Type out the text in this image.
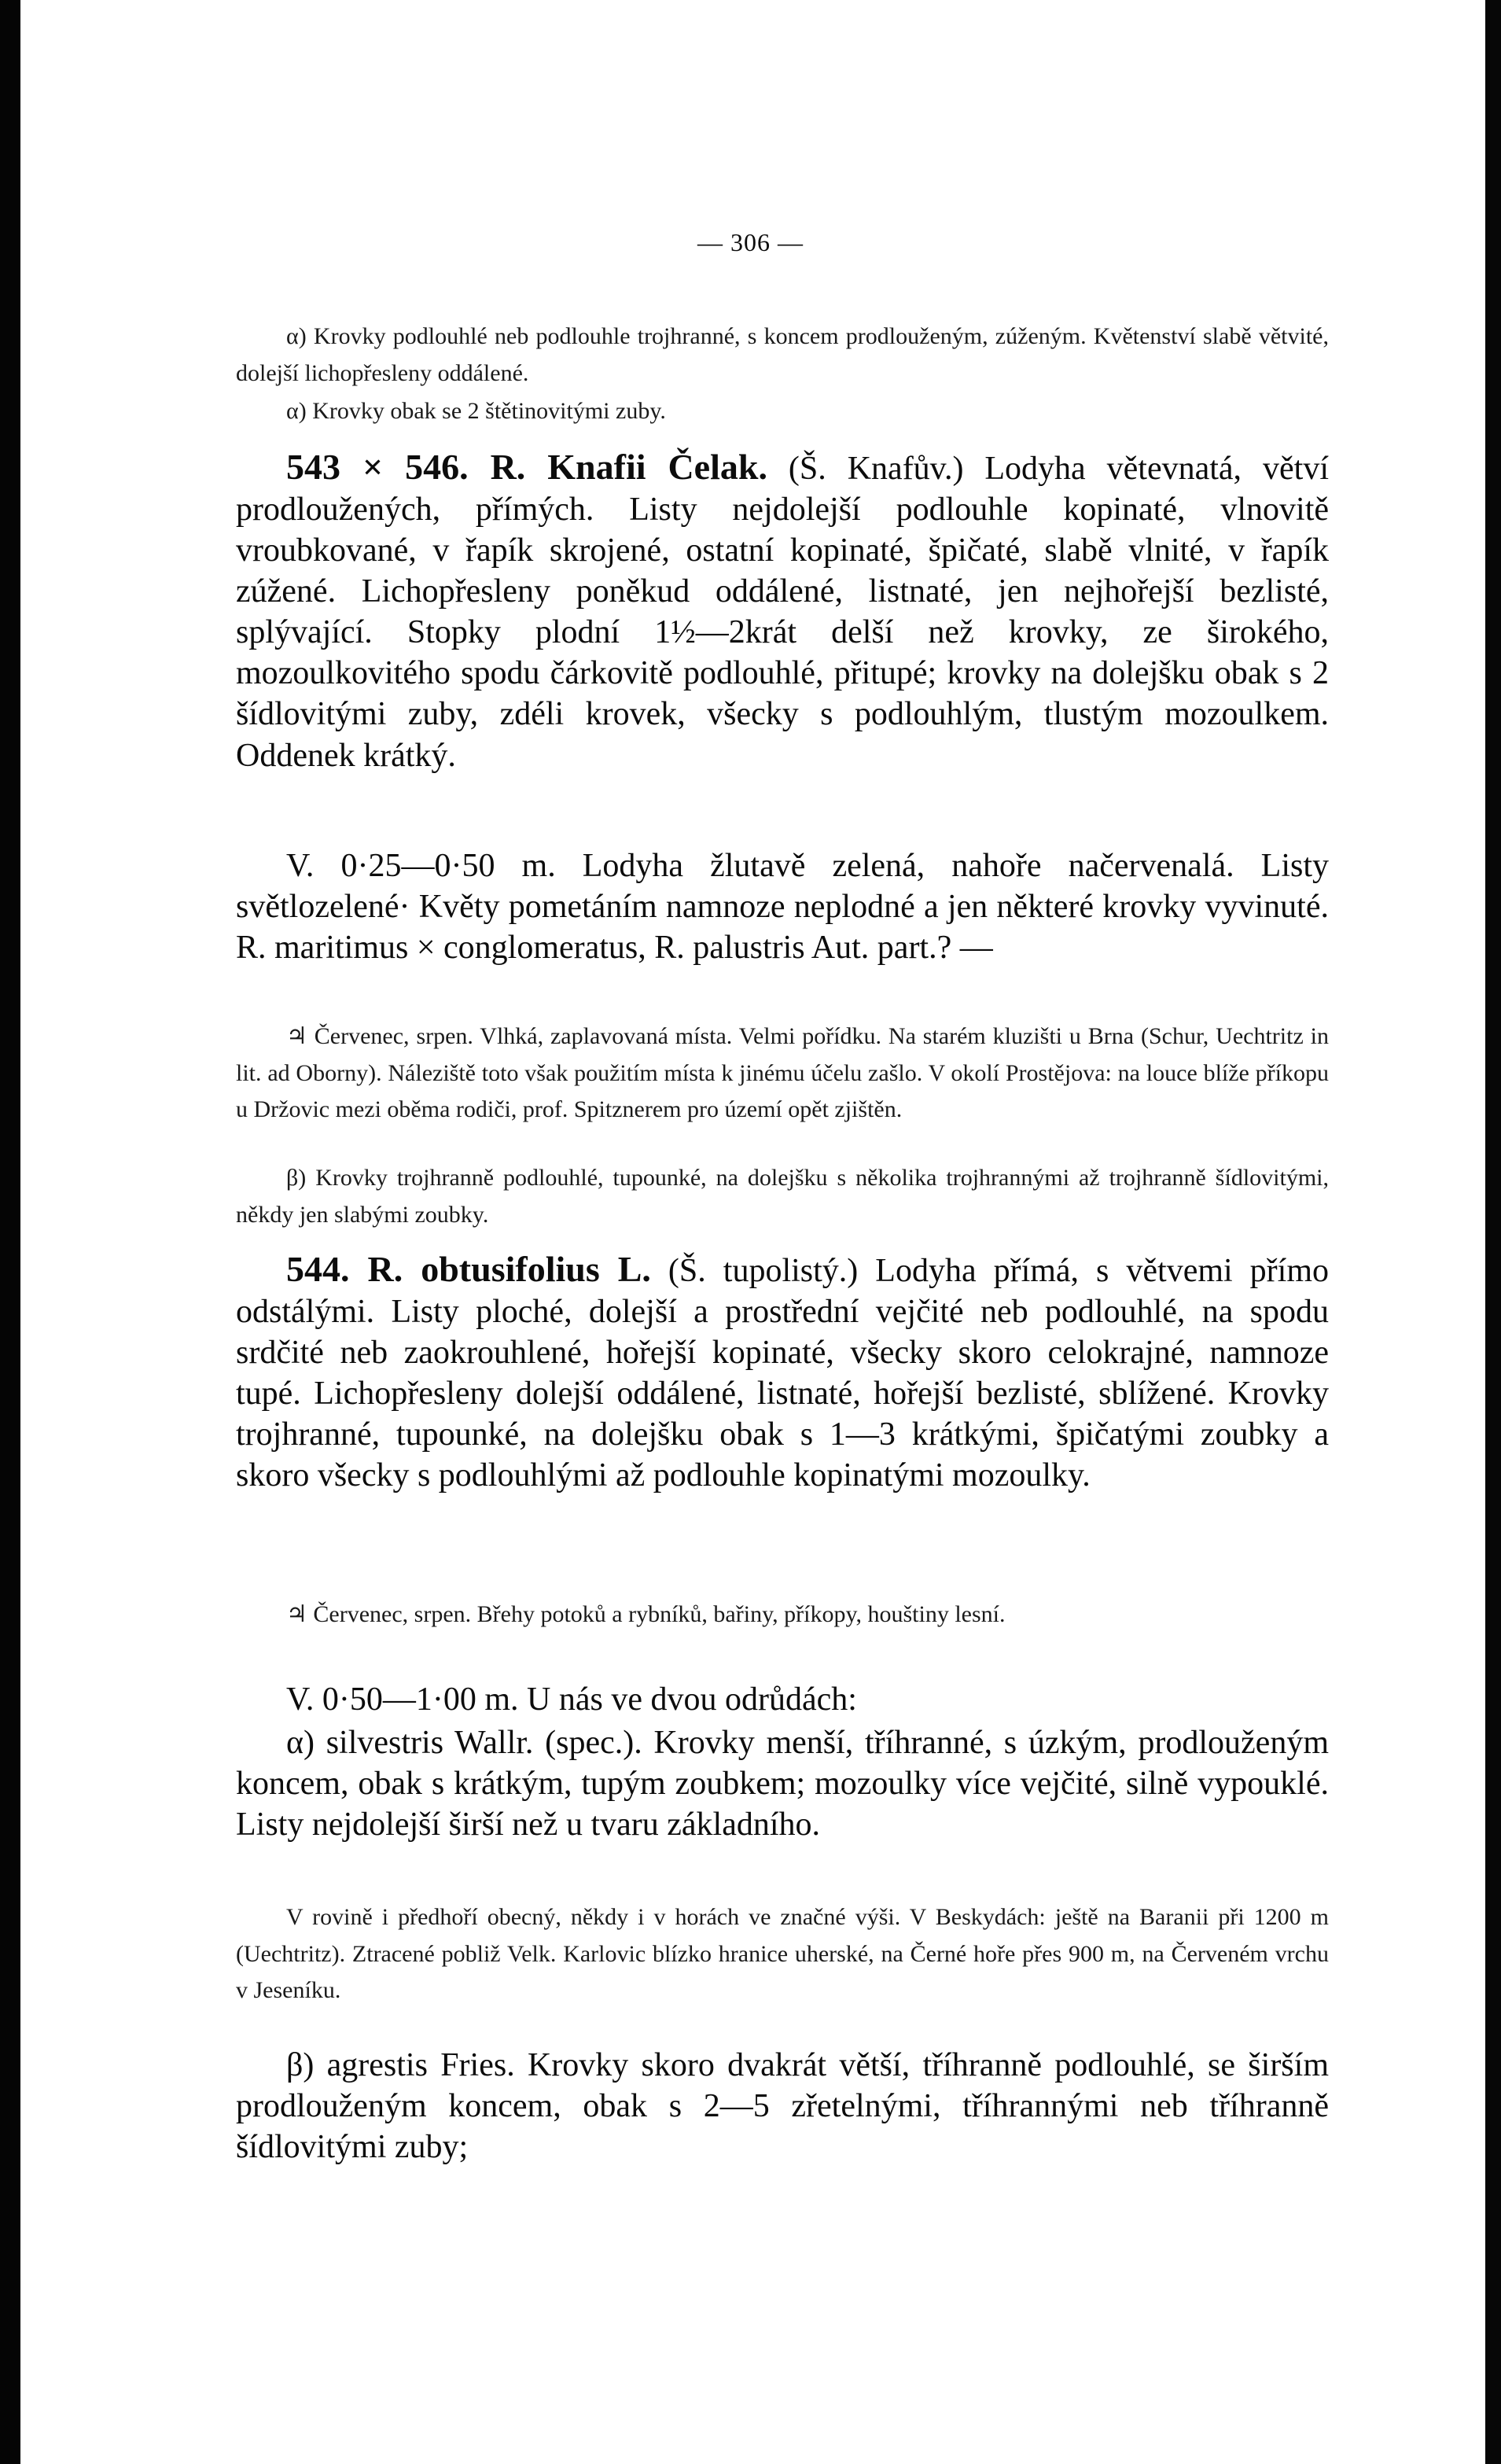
— 306 —

α) Krovky podlouhlé neb podlouhle trojhranné, s koncem prodlouženým, zúženým. Květenství slabě větvité, dolejší lichopřesleny oddálené.

α) Krovky obak se 2 štětinovitými zuby.

543 × 546. R. Knafii Čelak. (Š. Knafův.) Lodyha větevnatá, větví prodloužených, přímých. Listy nejdolejší podlouhle kopinaté, vlnovitě vroubkované, v řapík skrojené, ostatní kopinaté, špičaté, slabě vlnité, v řapík zúžené. Lichopřesleny poněkud oddálené, listnaté, jen nejhořejší bezlisté, splývající. Stopky plodní 1½—2krát delší než krovky, ze širokého, mozoulkovitého spodu čárkovitě podlouhlé, přitupé; krovky na dolejšku obak s 2 šídlovitými zuby, zdéli krovek, všecky s podlouhlým, tlustým mozoulkem. Oddenek krátký.

V. 0·25—0·50 m. Lodyha žlutavě zelená, nahoře načervenalá. Listy světlozelené· Květy pometáním namnoze neplodné a jen některé krovky vyvinuté. R. maritimus × conglomeratus, R. palustris Aut. part.? —

♃ Červenec, srpen. Vlhká, zaplavovaná místa. Velmi pořídku. Na starém kluzišti u Brna (Schur, Uechtritz in lit. ad Oborny). Náleziště toto však použitím místa k jinému účelu zašlo. V okolí Prostějova: na louce blíže příkopu u Držovic mezi oběma rodiči, prof. Spitznerem pro území opět zjištěn.

β) Krovky trojhranně podlouhlé, tupounké, na dolejšku s několika trojhrannými až trojhranně šídlovitými, někdy jen slabými zoubky.

544. R. obtusifolius L. (Š. tupolistý.) Lodyha přímá, s větvemi přímo odstálými. Listy ploché, dolejší a prostřední vejčité neb podlouhlé, na spodu srdčité neb zaokrouhlené, hořejší kopinaté, všecky skoro celokrajné, namnoze tupé. Lichopřesleny dolejší oddálené, listnaté, hořejší bezlisté, sblížené. Krovky trojhranné, tupounké, na dolejšku obak s 1—3 krátkými, špičatými zoubky a skoro všecky s podlouhlými až podlouhle kopinatými mozoulky.

♃ Červenec, srpen. Břehy potoků a rybníků, bařiny, příkopy, houštiny lesní.

V. 0·50—1·00 m. U nás ve dvou odrůdách:

α) silvestris Wallr. (spec.). Krovky menší, tříhranné, s úzkým, prodlouženým koncem, obak s krátkým, tupým zoubkem; mozoulky více vejčité, silně vypouklé. Listy nejdolejší širší než u tvaru základního.

V rovině i předhoří obecný, někdy i v horách ve značné výši. V Beskydách: ještě na Baranii při 1200 m (Uechtritz). Ztracené pobliž Velk. Karlovic blízko hranice uherské, na Černé hoře přes 900 m, na Červeném vrchu v Jeseníku.

β) agrestis Fries. Krovky skoro dvakrát větší, tříhranně podlouhlé, se širším prodlouženým koncem, obak s 2—5 zřetelnými, tříhrannými neb tříhranně šídlovitými zuby;
